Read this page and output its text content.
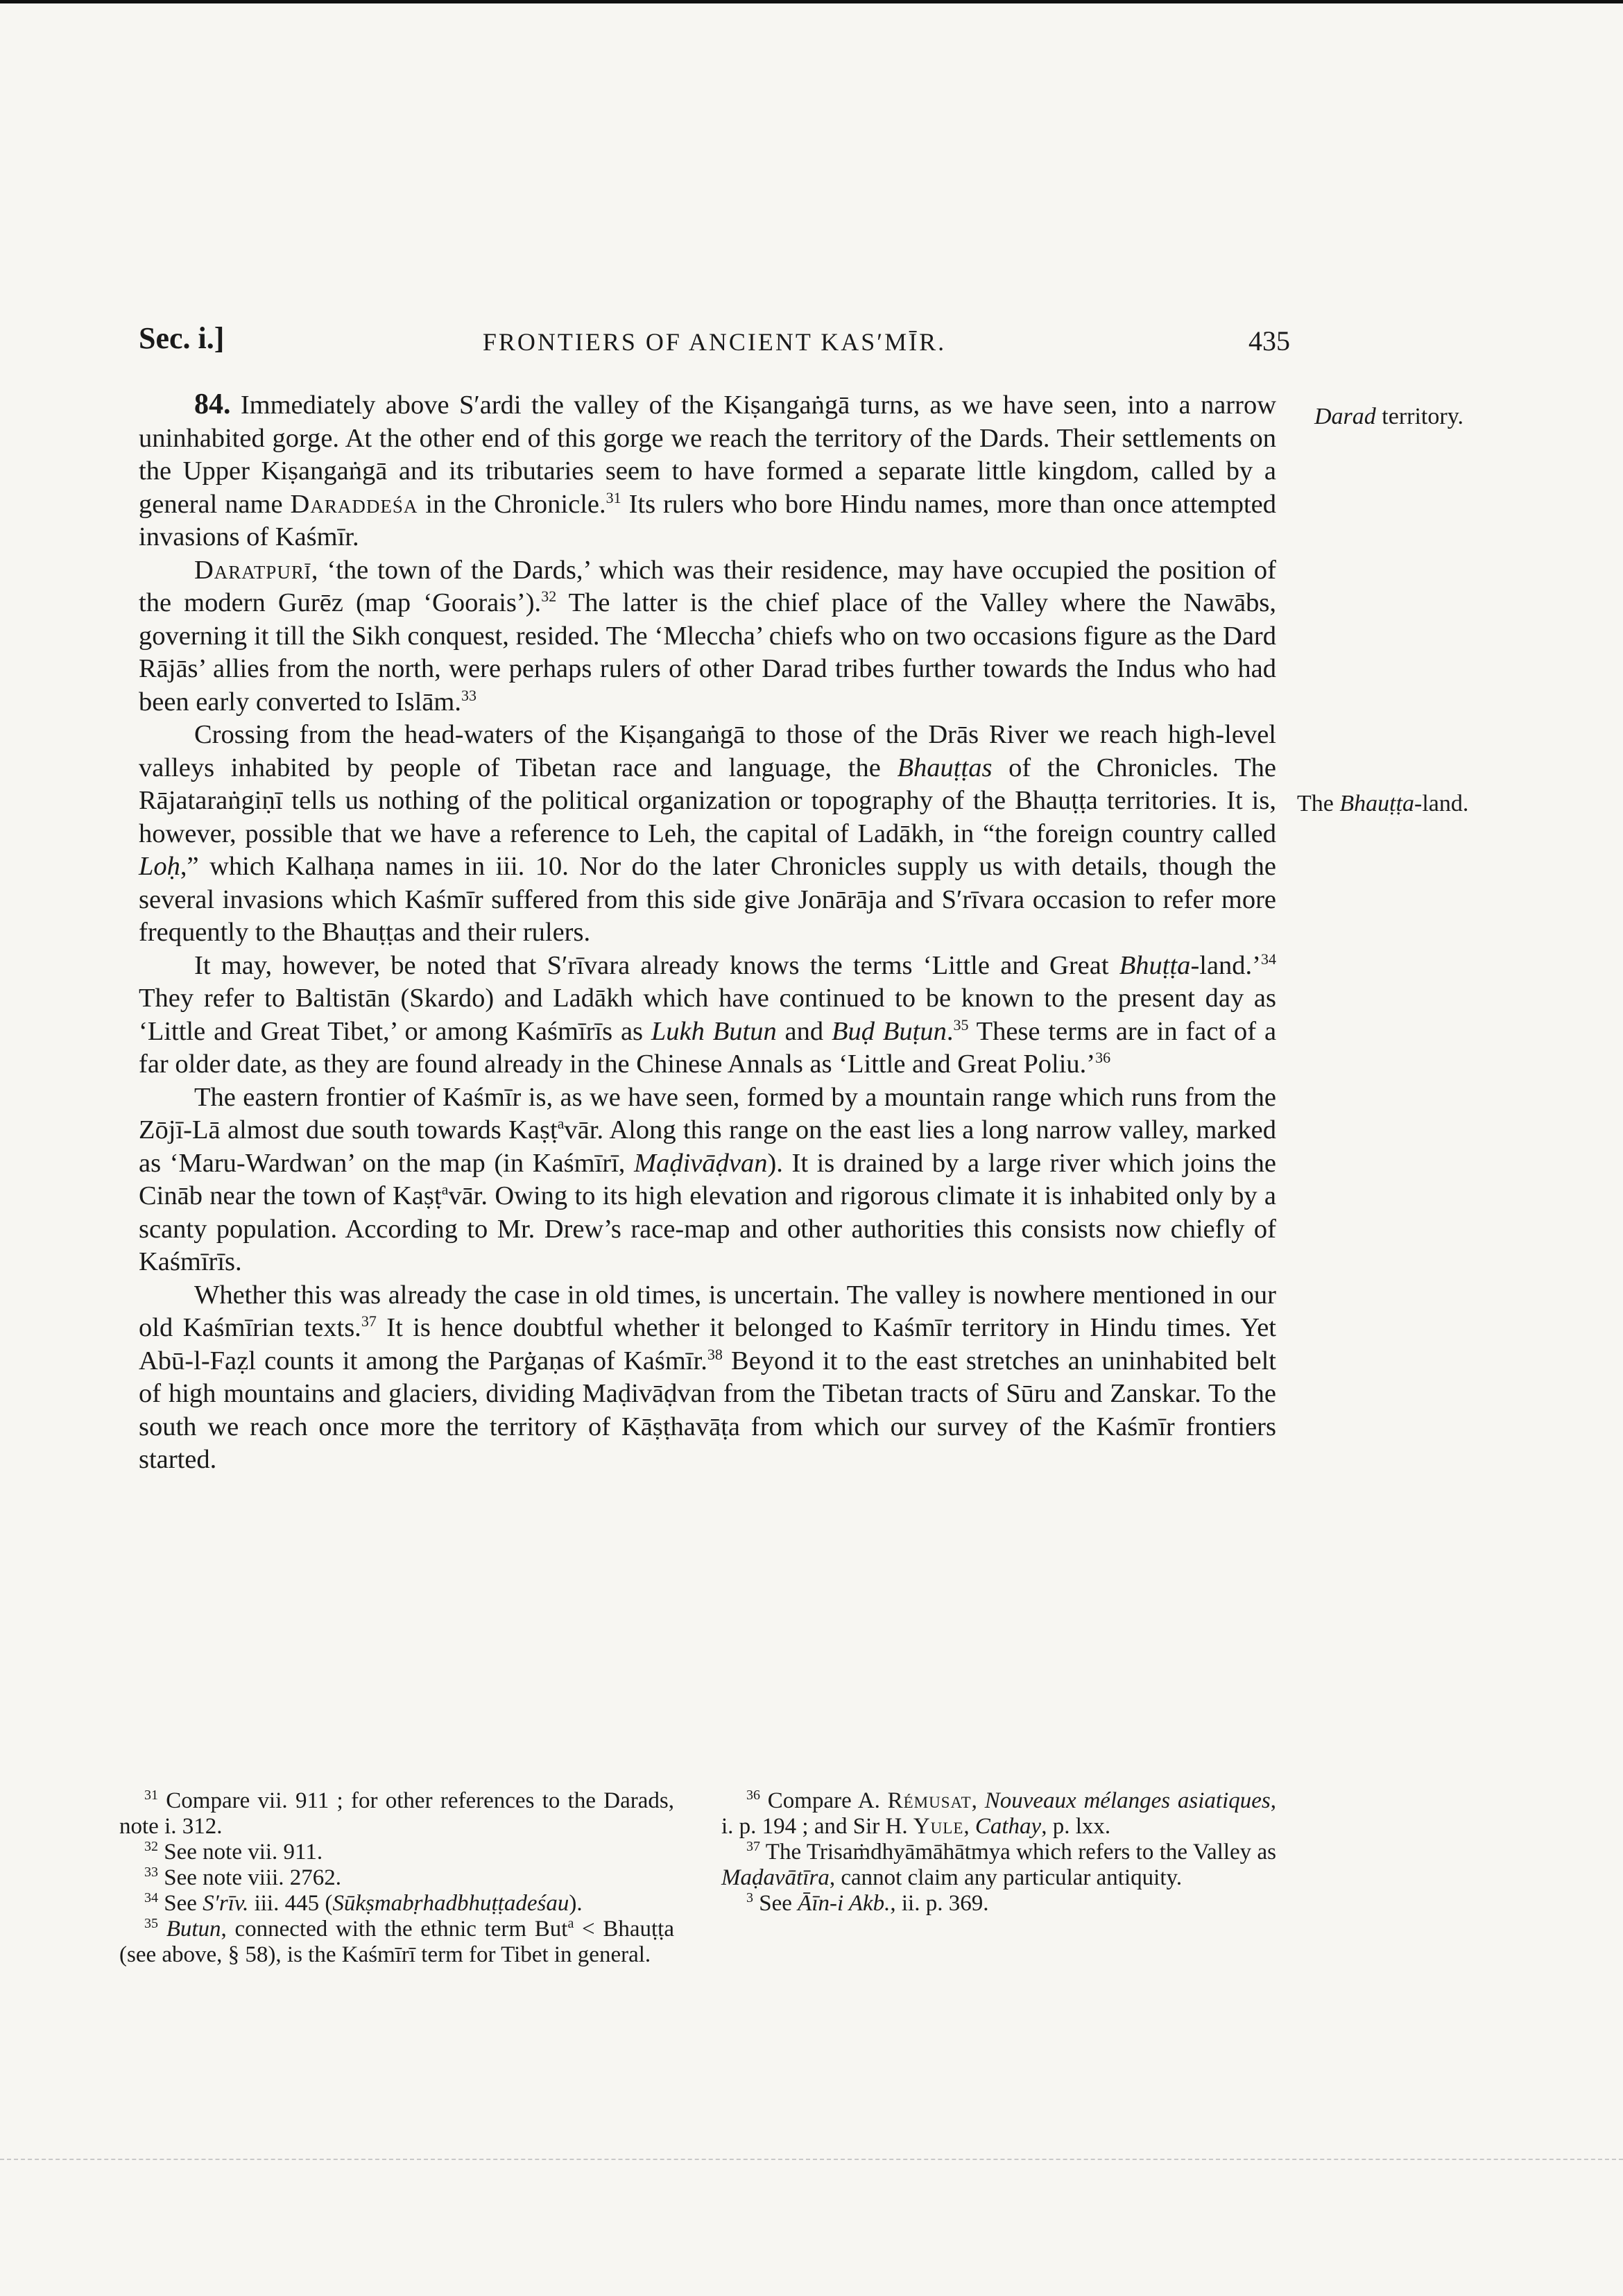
Sec. i.]	FRONTIERS OF ANCIENT KAS′MĪR.	435
Darad territory.
The Bhauṭṭa-land.

84. Immediately above S′ardi the valley of the Kiṣangaṅgā turns, as we have seen, into a narrow uninhabited gorge. At the other end of this gorge we reach the territory of the Dards. Their settlements on the Upper Kiṣangaṅgā and its tributaries seem to have formed a separate little kingdom, called by a general name Daraddeśa in the Chronicle.$^{31}$ Its rulers who bore Hindu names, more than once attempted invasions of Kaśmīr.

Daratpurī, ‘the town of the Dards,’ which was their residence, may have occupied the position of the modern Gurēz (map ‘Goorais’).$^{32}$ The latter is the chief place of the Valley where the Nawābs, governing it till the Sikh conquest, resided. The ‘Mleccha’ chiefs who on two occasions figure as the Dard Rājās’ allies from the north, were perhaps rulers of other Darad tribes further towards the Indus who had been early converted to Islām.$^{33}$

Crossing from the head-waters of the Kiṣangaṅgā to those of the Drās River we reach high-level valleys inhabited by people of Tibetan race and language, the Bhauṭṭas of the Chronicles. The Rājataraṅgiṇī tells us nothing of the political organization or topography of the Bhauṭṭa territories. It is, however, possible that we have a reference to Leh, the capital of Ladākh, in “the foreign country called Loḥ,” which Kalhaṇa names in iii. 10. Nor do the later Chronicles supply us with details, though the several invasions which Kaśmīr suffered from this side give Jonārāja and S′rīvara occasion to refer more frequently to the Bhauṭṭas and their rulers.

It may, however, be noted that S′rīvara already knows the terms ‘Little and Great Bhuṭṭa-land.’$^{34}$ They refer to Baltistān (Skardo) and Ladākh which have continued to be known to the present day as ‘Little and Great Tibet,’ or among Kaśmīrīs as Lukh Butun and Buḍ Buṭun.$^{35}$ These terms are in fact of a far older date, as they are found already in the Chinese Annals as ‘Little and Great Poliu.’$^{36}$

The eastern frontier of Kaśmīr is, as we have seen, formed by a mountain range which runs from the Zōjī-Lā almost due south towards Kaṣṭ$^a$vār. Along this range on the east lies a long narrow valley, marked as ‘Maru-Wardwan’ on the map (in Kaśmīrī, Maḍivāḍvan). It is drained by a large river which joins the Cināb near the town of Kaṣṭ$^a$vār. Owing to its high elevation and rigorous climate it is inhabited only by a scanty population. According to Mr. Drew’s race-map and other authorities this consists now chiefly of Kaśmīrīs.

Whether this was already the case in old times, is uncertain. The valley is nowhere mentioned in our old Kaśmīrian texts.$^{37}$ It is hence doubtful whether it belonged to Kaśmīr territory in Hindu times. Yet Abū-l-Faẓl counts it among the Parġaṇas of Kaśmīr.$^{38}$ Beyond it to the east stretches an uninhabited belt of high mountains and glaciers, dividing Maḍivāḍvan from the Tibetan tracts of Sūru and Zanskar. To the south we reach once more the territory of Kāṣṭhavāṭa from which our survey of the Kaśmīr frontiers started.

$^{31}$ Compare vii. 911 ; for other references to the Darads, note i. 312.

$^{32}$ See note vii. 911.

$^{33}$ See note viii. 2762.

$^{34}$ See S′rīv. iii. 445 (Sūkṣmabṛhadbhuṭṭadeśau).

$^{35}$ Butun, connected with the ethnic term But$^a$ < Bhauṭṭa (see above, § 58), is the Kaśmīrī term for Tibet in general.

$^{36}$ Compare A. Rémusat, Nouveaux mélanges asiatiques, i. p. 194 ; and Sir H. Yule, Cathay, p. lxx.

$^{37}$ The Trisaṁdhyāmāhātmya which refers to the Valley as Maḍavātīra, cannot claim any particular antiquity.

$^3$ See Āīn-i Akb., ii. p. 369.
